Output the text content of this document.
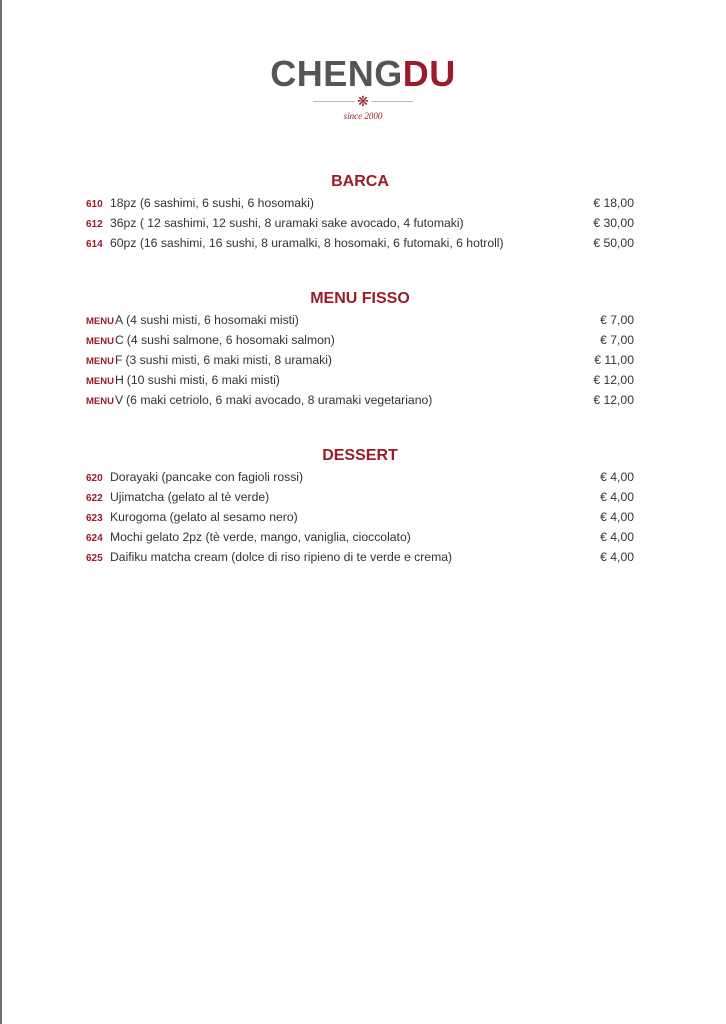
CHENGDU
❋
since 2000
BARCA
610 18pz (6 sashimi, 6 sushi, 6 hosomaki)	€ 18,00
612 36pz ( 12 sashimi, 12 sushi, 8 uramaki sake avocado, 4 futomaki)	€ 30,00
614 60pz (16 sashimi, 16 sushi, 8 uramalki, 8 hosomaki, 6 futomaki, 6 hotroll)	€ 50,00
MENU FISSO
MENUA (4 sushi misti, 6 hosomaki misti)	€ 7,00
MENUC (4 sushi salmone, 6 hosomaki salmon)	€ 7,00
MENUF (3 sushi misti, 6 maki misti, 8 uramaki)	€ 11,00
MENUH (10 sushi misti, 6 maki misti)	€ 12,00
MENUV (6 maki cetriolo, 6 maki avocado, 8 uramaki vegetariano)	€ 12,00
DESSERT
620 Dorayaki (pancake con fagioli rossi)	€ 4,00
622 Ujimatcha (gelato al tè verde)	€ 4,00
623 Kurogoma (gelato al sesamo nero)	€ 4,00
624 Mochi gelato 2pz (tè verde, mango, vaniglia, cioccolato)	€ 4,00
625 Daifiku matcha cream (dolce di riso ripieno di te verde e crema)	€ 4,00
